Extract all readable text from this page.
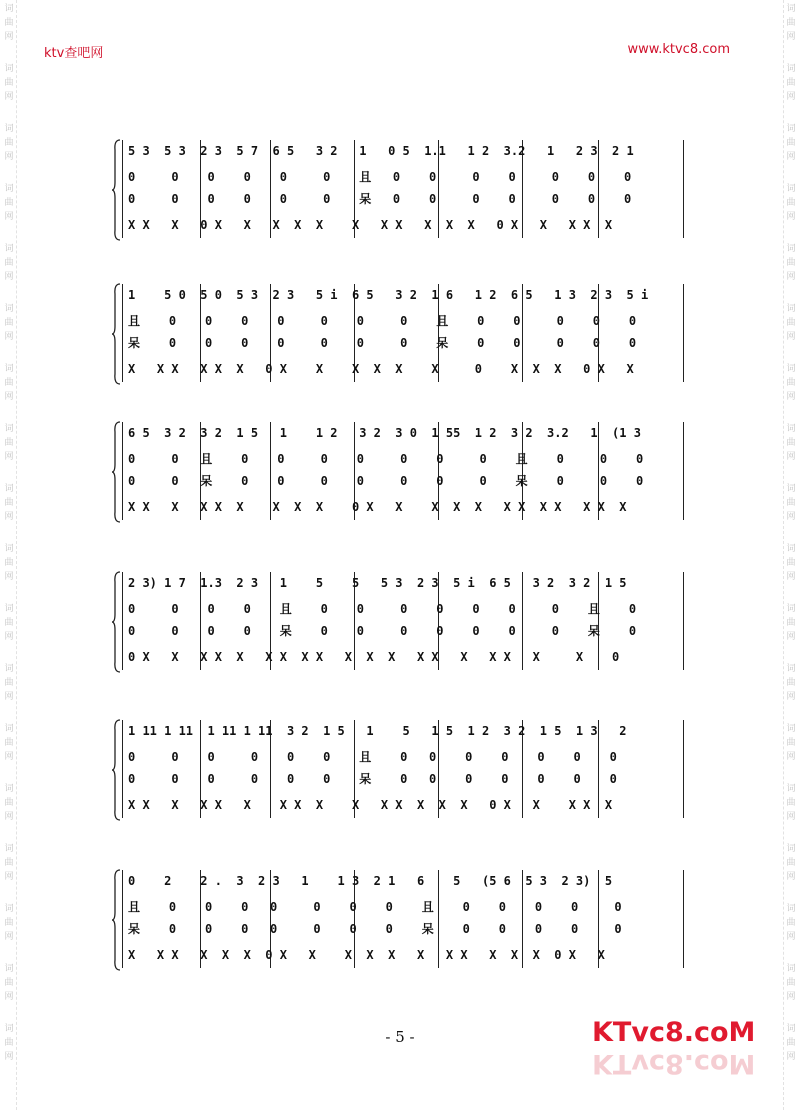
词
曲
网
词
曲
网
词
曲
网
词
曲
网
词
曲
网
词
曲
网
词
曲
网
词
曲
网
词
曲
网
词
曲
网
词
曲
网
词
曲
网
词
曲
网
词
曲
网
词
曲
网
词
曲
网
词
曲
网
词
曲
网
词
曲
网
词
曲
网
词
曲
网
词
曲
网
词
曲
网
词
曲
网
词
曲
网
词
曲
网
词
曲
网
词
曲
网
词
曲
网
词
曲
网
词
曲
网
词
曲
网
词
曲
网
词
曲
网
词
曲
网
词
曲
网
ktv查吧网	www.ktvc8.com
5 3  5 3  2 3  5 7  6 5   3 2   1   0 5  1.1   1 2  3.2   1   2 3  2 1
0     0    0    0    0     0    且   0    0     0    0     0    0    0
0     0    0    0    0     0    呆   0    0     0    0     0    0    0
X X   X   0 X   X   X  X  X    X   X X   X  X  X   0 X   X   X X  X
1    5 0  5 0  5 3  2 3   5 i  6 5   3 2  1 6   1 2  6 5   1 3  2 3  5 i
且    0    0    0    0     0    0     0    且    0    0     0    0    0
呆    0    0    0    0     0    0     0    呆    0    0     0    0    0
X   X X   X X  X   0 X    X    X  X  X    X     0    X  X  X   0 X   X
6 5  3 2  3 2  1 5   1    1 2   3 2  3 0  1 55  1 2  3 2  3.2   1  (1 3
0     0   且    0    0     0    0     0    0     0    且    0     0    0
0     0   呆    0    0     0    0     0    0     0    呆    0     0    0
X X   X   X X  X    X  X  X    0 X   X    X  X  X   X X  X X   X X  X
2 3) 1 7  1.3  2 3   1    5    5   5 3  2 3  5 i  6 5   3 2  3 2  1 5
0     0    0    0    且    0    0     0    0    0    0     0    且    0
0     0    0    0    呆    0    0     0    0    0    0     0    呆    0
0 X   X   X X  X   X X  X X   X  X  X   X X   X   X X   X     X    0
1 11 1 11  1 11 1 11  3 2  1 5   1    5   1 5  1 2  3 2  1 5  1 3   2
0     0    0     0    0    0    且    0   0    0    0    0    0    0
0     0    0     0    0    0    呆    0   0    0    0    0    0    0
X X   X   X X   X    X X  X    X   X X  X  X  X   0 X   X    X X  X
0    2    2 .  3  2 3   1    1 3  2 1   6    5   (5 6  5 3  2 3)  5
且    0    0    0   0     0    0    0    且    0    0    0    0     0
呆    0    0    0   0     0    0    0    呆    0    0    0    0     0
X   X X   X  X  X  0 X   X    X  X  X   X   X X   X  X  X  0 X   X
- 5 -	KTvc8.coM
KTvc8.coM
